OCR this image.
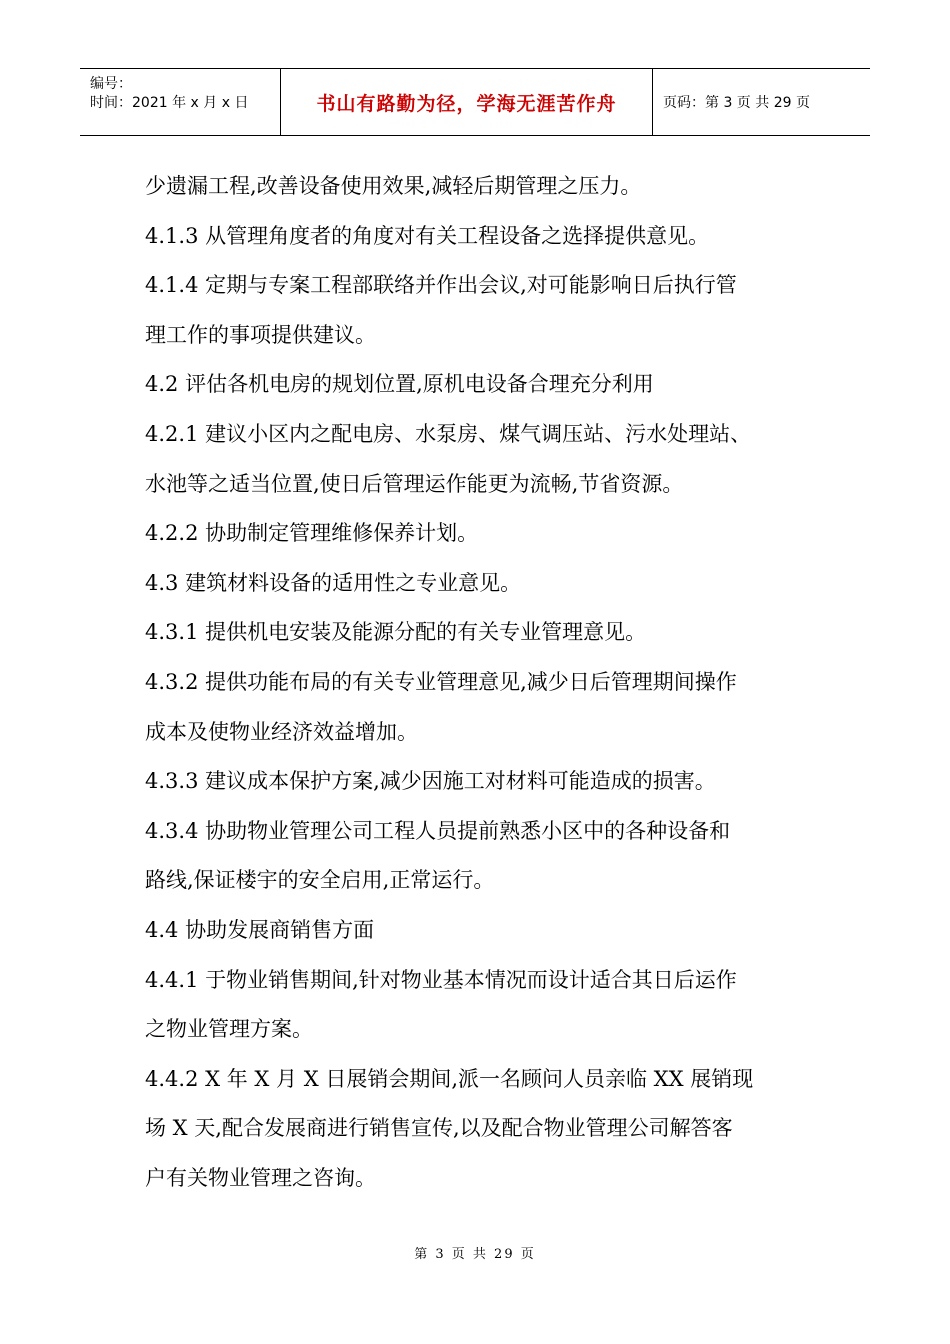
编号：
时间：2021 年 x 月 x 日	书山有路勤为径，学海无涯苦作舟	页码：第 3 页 共 29 页
少遗漏工程,改善设备使用效果,减轻后期管理之压力。
4.1.3 从管理角度者的角度对有关工程设备之选择提供意见。
4.1.4 定期与专案工程部联络并作出会议,对可能影响日后执行管
理工作的事项提供建议。
4.2 评估各机电房的规划位置,原机电设备合理充分利用
4.2.1 建议小区内之配电房、水泵房、煤气调压站、污水处理站、
水池等之适当位置,使日后管理运作能更为流畅,节省资源。
4.2.2 协助制定管理维修保养计划。
4.3 建筑材料设备的适用性之专业意见。
4.3.1 提供机电安装及能源分配的有关专业管理意见。
4.3.2 提供功能布局的有关专业管理意见,减少日后管理期间操作
成本及使物业经济效益增加。
4.3.3 建议成本保护方案,减少因施工对材料可能造成的损害。
4.3.4 协助物业管理公司工程人员提前熟悉小区中的各种设备和
路线,保证楼宇的安全启用,正常运行。
4.4 协助发展商销售方面
4.4.1 于物业销售期间,针对物业基本情况而设计适合其日后运作
之物业管理方案。
4.4.2 X 年 X 月 X 日展销会期间,派一名顾问人员亲临 XX 展销现
场 X 天,配合发展商进行销售宣传,以及配合物业管理公司解答客
户有关物业管理之咨询。
第 3 页 共 29 页
